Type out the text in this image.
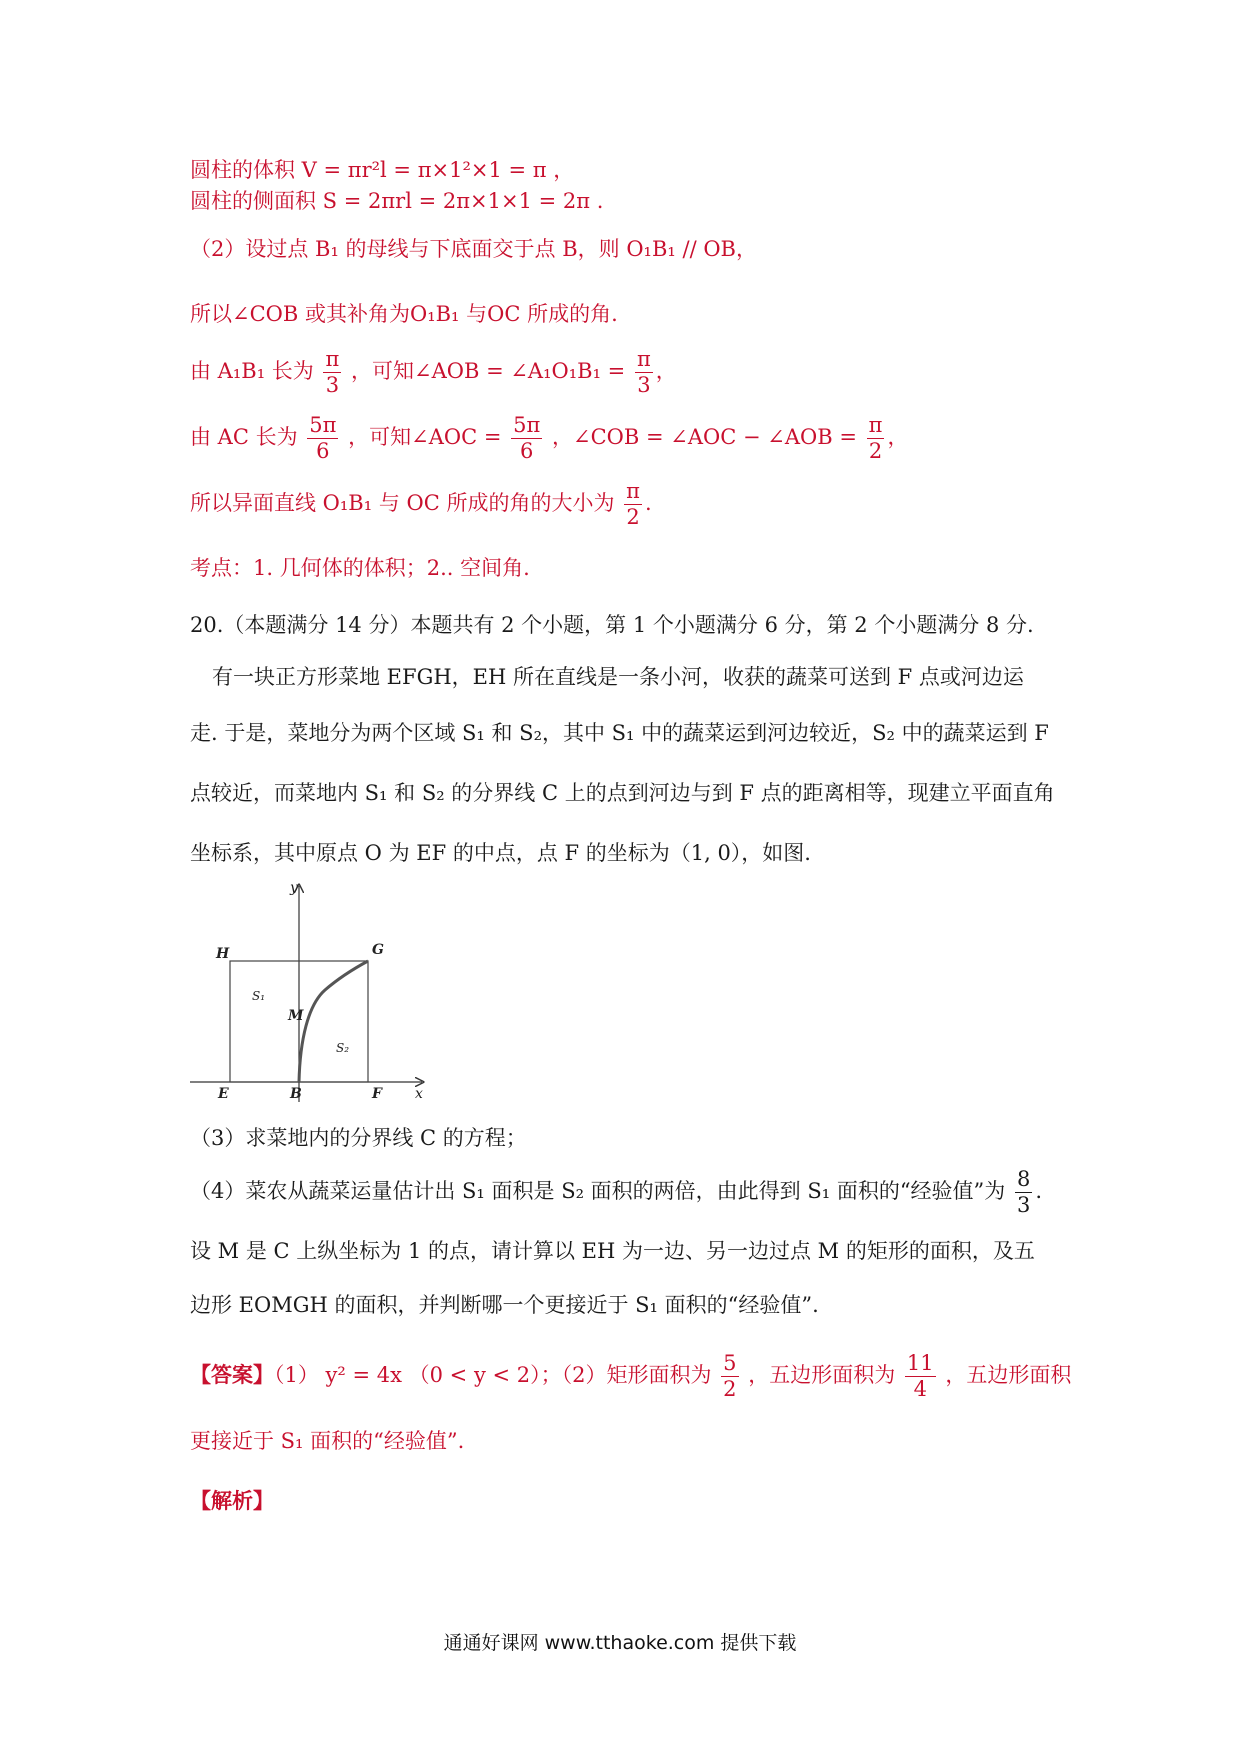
圆柱的体积 V = πr²l = π×1²×1 = π ，
圆柱的侧面积 S = 2πrl = 2π×1×1 = 2π .
（2）设过点 B₁ 的母线与下底面交于点 B，则 O₁B₁ // OB，
所以∠COB 或其补角为O₁B₁ 与OC 所成的角.
由 A₁B₁ 长为 $\frac{\pi}{3}$ ，可知∠AOB = ∠A₁O₁B₁ = $\frac{\pi}{3}$ ，
由 AC 长为 $\frac{5\pi}{6}$ ，可知∠AOC = $\frac{5\pi}{6}$ ，∠COB = ∠AOC − ∠AOB = $\frac{\pi}{2}$ ，
所以异面直线 O₁B₁ 与 OC 所成的角的大小为 $\frac{\pi}{2}$ .
考点：1. 几何体的体积；2.. 空间角.
20.（本题满分 14 分）本题共有 2 个小题，第 1 个小题满分 6 分，第 2 个小题满分 8 分.
有一块正方形菜地 EFGH，EH 所在直线是一条小河，收获的蔬菜可送到 F 点或河边运
走. 于是，菜地分为两个区域 S₁ 和 S₂，其中 S₁ 中的蔬菜运到河边较近，S₂ 中的蔬菜运到 F
点较近，而菜地内 S₁ 和 S₂ 的分界线 C 上的点到河边与到 F 点的距离相等，现建立平面直角
坐标系，其中原点 O 为 EF 的中点，点 F 的坐标为（1, 0），如图.
y
x
H	G
E	B	F
M
S₁
S₂
（3）求菜地内的分界线 C 的方程；
（4）菜农从蔬菜运量估计出 S₁ 面积是 S₂ 面积的两倍，由此得到 S₁ 面积的“经验值”为 $\frac{8}{3}$ .
设 M 是 C 上纵坐标为 1 的点，请计算以 EH 为一边、另一边过点 M 的矩形的面积，及五
边形 EOMGH 的面积，并判断哪一个更接近于 S₁ 面积的“经验值”.
【答案】（1） y² = 4x （0 < y < 2）；（2）矩形面积为 $\frac{5}{2}$ ，五边形面积为 $\frac{11}{4}$ ，五边形面积
更接近于 S₁ 面积的“经验值”.
【解析】
通通好课网 www.tthaoke.com 提供下载
